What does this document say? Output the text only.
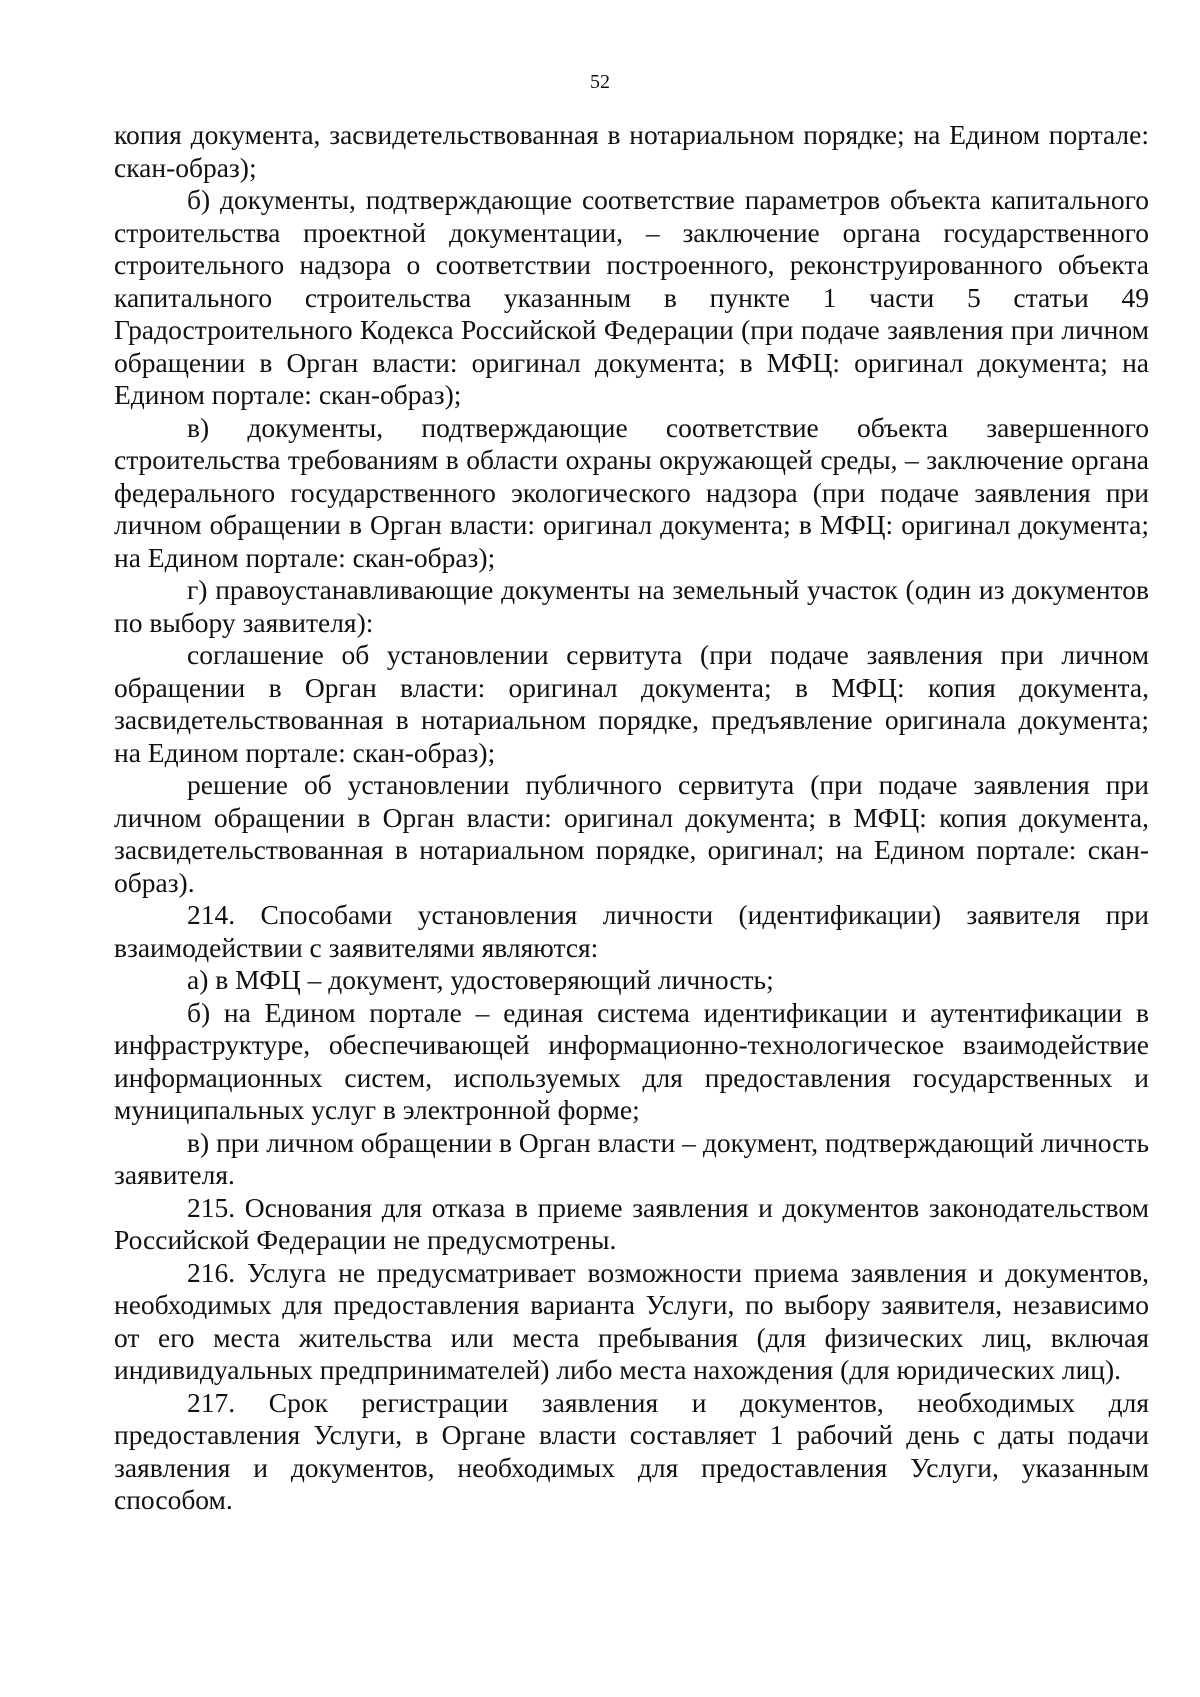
52

копия документа, засвидетельствованная в нотариальном порядке; на Едином портале: скан-образ);

б) документы, подтверждающие соответствие параметров объекта капитального строительства проектной документации, – заключение органа государственного строительного надзора о соответствии построенного, реконструированного объекта капитального строительства указанным в пункте 1 части 5 статьи 49 Градостроительного Кодекса Российской Федерации (при подаче заявления при личном обращении в Орган власти: оригинал документа; в МФЦ: оригинал документа; на Едином портале: скан-образ);

в) документы, подтверждающие соответствие объекта завершенного строительства требованиям в области охраны окружающей среды, – заключение органа федерального государственного экологического надзора (при подаче заявления при личном обращении в Орган власти: оригинал документа; в МФЦ: оригинал документа; на Едином портале: скан-образ);

г) правоустанавливающие документы на земельный участок (один из документов по выбору заявителя):

соглашение об установлении сервитута (при подаче заявления при личном обращении в Орган власти: оригинал документа; в МФЦ: копия документа, засвидетельствованная в нотариальном порядке, предъявление оригинала документа; на Едином портале: скан-образ);

решение об установлении публичного сервитута (при подаче заявления при личном обращении в Орган власти: оригинал документа; в МФЦ: копия документа, засвидетельствованная в нотариальном порядке, оригинал; на Едином портале: скан-образ).

214. Способами установления личности (идентификации) заявителя при взаимодействии с заявителями являются:

а) в МФЦ – документ, удостоверяющий личность;

б) на Едином портале – единая система идентификации и аутентификации в инфраструктуре, обеспечивающей информационно-технологическое взаимодействие информационных систем, используемых для предоставления государственных и муниципальных услуг в электронной форме;

в) при личном обращении в Орган власти – документ, подтверждающий личность заявителя.

215. Основания для отказа в приеме заявления и документов законодательством Российской Федерации не предусмотрены.

216. Услуга не предусматривает возможности приема заявления и документов, необходимых для предоставления варианта Услуги, по выбору заявителя, независимо от его места жительства или места пребывания (для физических лиц, включая индивидуальных предпринимателей) либо места нахождения (для юридических лиц).

217. Срок регистрации заявления и документов, необходимых для предоставления Услуги, в Органе власти составляет 1 рабочий день с даты подачи заявления и документов, необходимых для предоставления Услуги, указанным способом.
